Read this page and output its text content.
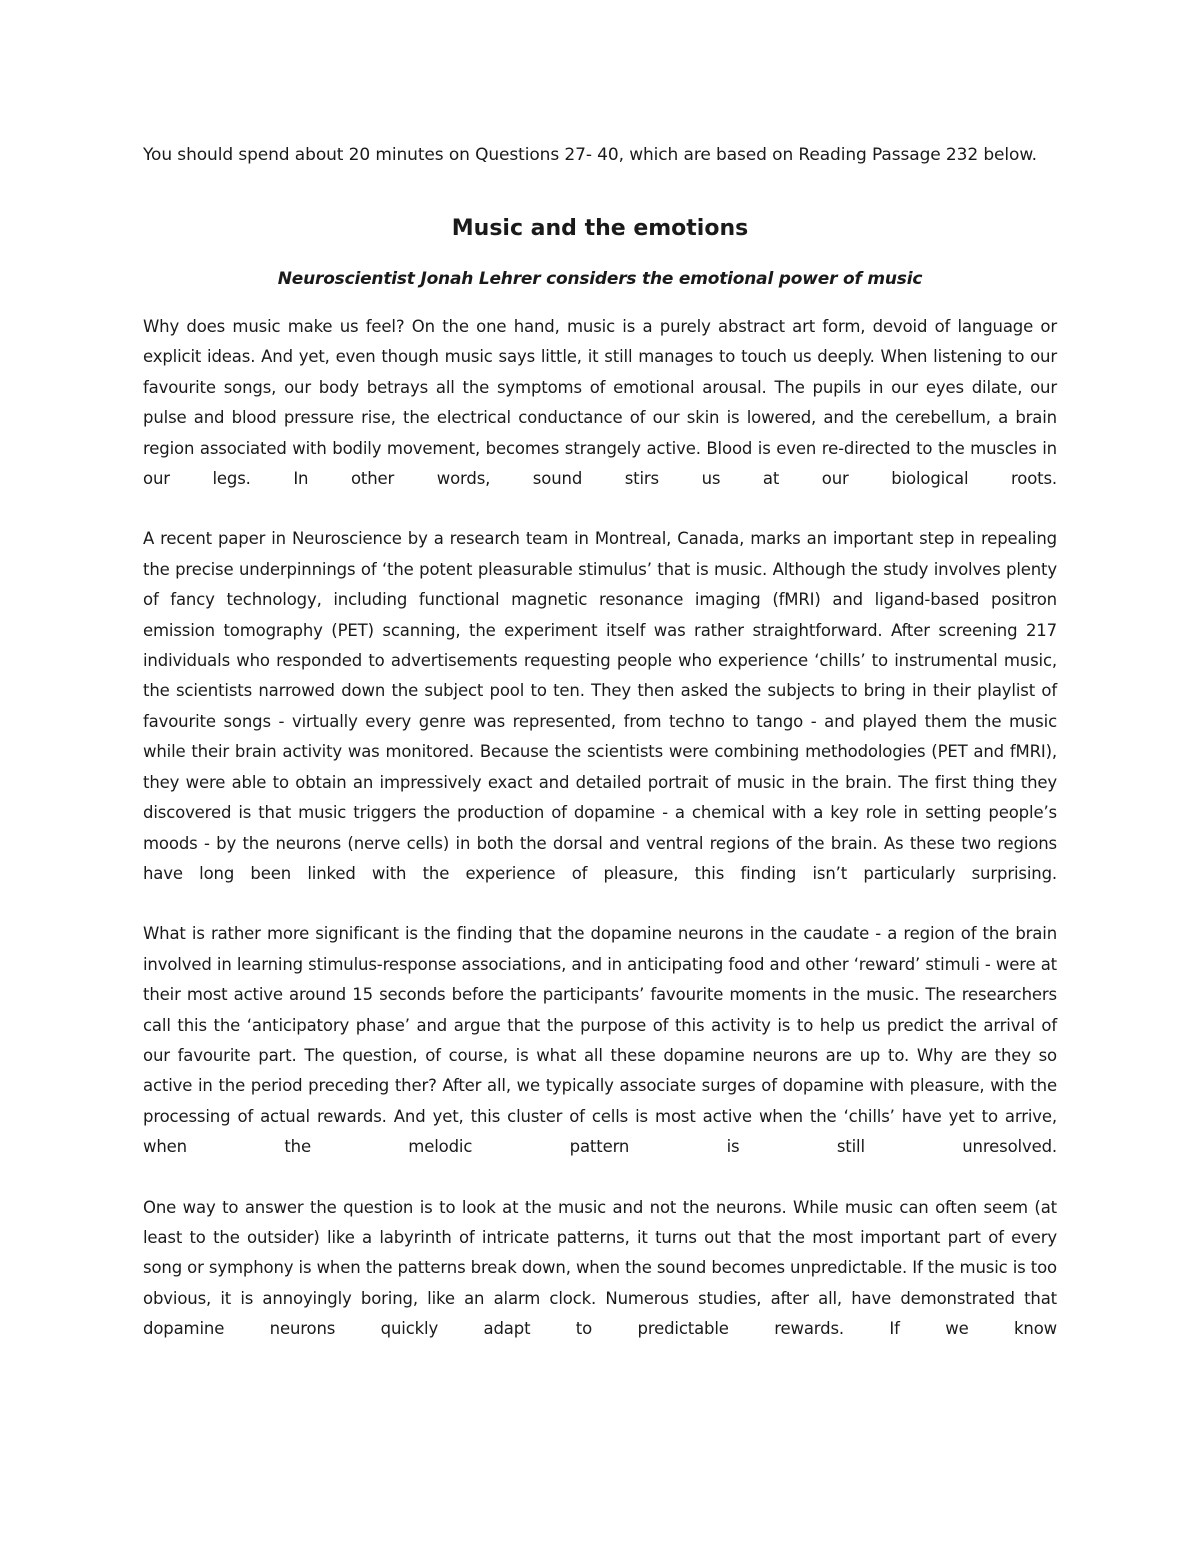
You should spend about 20 minutes on Questions 27- 40, which are based on Reading Passage 232 below.

Music and the emotions

Neuroscientist Jonah Lehrer considers the emotional power of music

Why does music make us feel? On the one hand, music is a purely abstract art form, devoid of language or explicit ideas. And yet, even though music says little, it still manages to touch us deeply. When listening to our favourite songs, our body betrays all the symptoms of emotional arousal. The pupils in our eyes dilate, our pulse and blood pressure rise, the electrical conductance of our skin is lowered, and the cerebellum, a brain region associated with bodily movement, becomes strangely active. Blood is even re-directed to the muscles in our legs. In other words, sound stirs us at our biological roots.

A recent paper in Neuroscience by a research team in Montreal, Canada, marks an important step in repealing the precise underpinnings of ‘the potent pleasurable stimulus’ that is music. Although the study involves plenty of fancy technology, including functional magnetic resonance imaging (fMRI) and ligand-based positron emission tomography (PET) scanning, the experiment itself was rather straightforward. After screening 217 individuals who responded to advertisements requesting people who experience ‘chills’ to instrumental music, the scientists narrowed down the subject pool to ten. They then asked the subjects to bring in their playlist of favourite songs - virtually every genre was represented, from techno to tango - and played them the music while their brain activity was monitored. Because the scientists were combining methodologies (PET and fMRI), they were able to obtain an impressively exact and detailed portrait of music in the brain. The first thing they discovered is that music triggers the production of dopamine - a chemical with a key role in setting people’s moods - by the neurons (nerve cells) in both the dorsal and ventral regions of the brain. As these two regions have long been linked with the experience of pleasure, this finding isn’t particularly surprising.

What is rather more significant is the finding that the dopamine neurons in the caudate - a region of the brain involved in learning stimulus-response associations, and in anticipating food and other ‘reward’ stimuli - were at their most active around 15 seconds before the participants’ favourite moments in the music. The researchers call this the ‘anticipatory phase’ and argue that the purpose of this activity is to help us predict the arrival of our favourite part. The question, of course, is what all these dopamine neurons are up to. Why are they so active in the period preceding ther? After all, we typically associate surges of dopamine with pleasure, with the processing of actual rewards. And yet, this cluster of cells is most active when the ‘chills’ have yet to arrive, when the melodic pattern is still unresolved.

One way to answer the question is to look at the music and not the neurons. While music can often seem (at least to the outsider) like a labyrinth of intricate patterns, it turns out that the most important part of every song or symphony is when the patterns break down, when the sound becomes unpredictable. If the music is too obvious, it is annoyingly boring, like an alarm clock. Numerous studies, after all, have demonstrated that dopamine neurons quickly adapt to predictable rewards. If we know
